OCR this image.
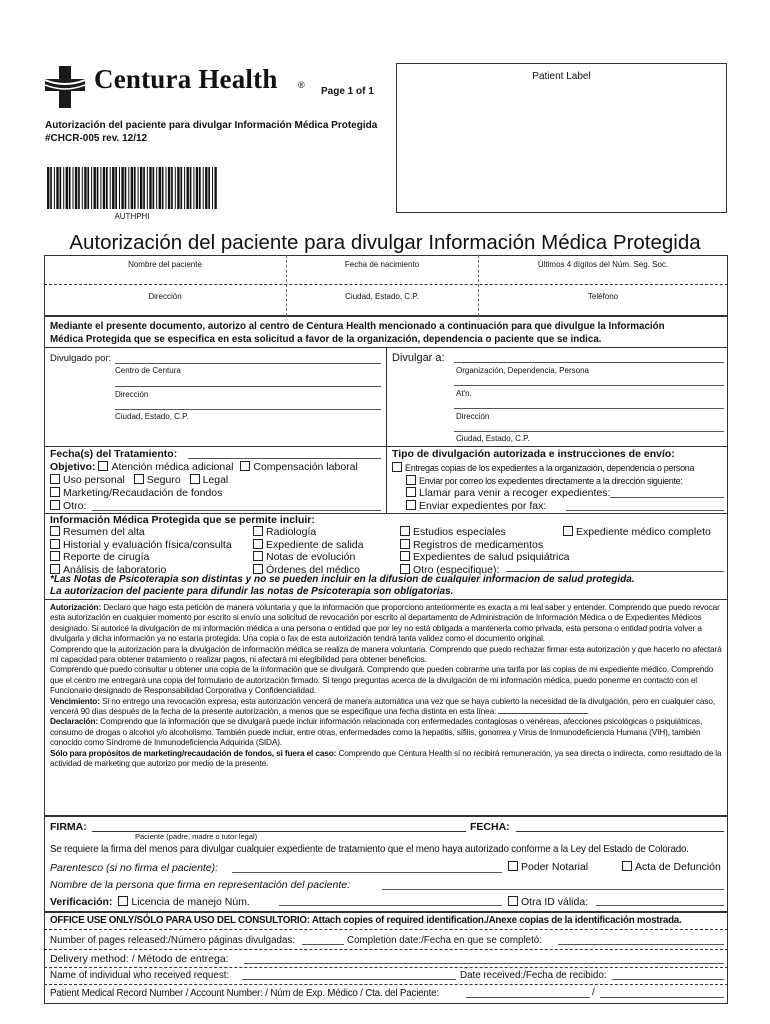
Centura Health ®
Page 1 of 1
Autorización del paciente para divulgar Información Médica Protegida
#CHCR-005 rev. 12/12
Patient Label
AUTHPHI
Autorización del paciente para divulgar Información Médica Protegida
Nombre del paciente	Fecha de nacimiento	Últimos 4 dígitos del Núm. Seg. Soc.
Dirección	Ciudad, Estado, C.P.	Teléfono
Mediante el presente documento, autorizo al centro de Centura Health mencionado a continuación para que divulgue la Información
Médica Protegida que se especifica en esta solicitud a favor de la organización, dependencia o paciente que se indica.
Divulgado por:
Centro de Centura
Dirección
Ciudad, Estado, C.P.
Divulgar a:
Organización, Dependencia, Persona
At'n.
Dirección
Ciudad, Estado, C.P.
Fecha(s) del Tratamiento:
Objetivo: Atención médica adicional Compensación laboral
Uso personal Seguro Legal
Marketing/Recaudación de fondos
Otro:
Tipo de divulgación autorizada e instrucciones de envío:
Entregas copias de los expedientes a la organización, dependencia o persona
Enviar por correo los expedientes directamente a la dirección siguiente:
Llamar para venir a recoger expedientes:
Enviar expedientes por fax:
Información Médica Protegida que se permite incluir:
Resumen del alta
Historial y evaluación física/consulta
Reporte de cirugía
Análisis de laboratorio
Radiología
Expediente de salida
Notas de evolución
Órdenes del médico
Estudios especiales
Registros de medicamentos
Expedientes de salud psiquiátrica
Otro (especifique):
Expediente médico completo
*Las Notas de Psicoterapia son distintas y no se pueden incluir en la difusion de cualquier informacion de salud protegida.
La autorizacion del paciente para difundir las notas de Psicoterapia son obligatorias.
Autorización: Declaro que hago esta petición de manera voluntaria y que la información que proporciono anteriormente es exacta a mi leal saber y entender. Comprendo que puedo revocar esta autorización en cualquier momento por escrito si envío una solicitud de revocación por escrito al departamento de Administración de Información Médica o de Expedientes Médicos designado. Si autoricé la divulgación de mi información médica a una persona o entidad que por ley no está obligada a mantenerla como privada, esta persona o entidad podría volver a divulgarla y dicha información ya no estaría protegida. Una copia o fax de esta autorización tendrá tanta validez como el documento original.
Comprendo que la autorización para la divulgación de información médica se realiza de manera voluntaria. Comprendo que puedo rechazar firmar esta autorización y que hacerlo no afectará mi capacidad para obtener tratamiento o realizar pagos, ni afectará mi elegibilidad para obtener beneficios.
Comprendo que puedo consultar u obtener una copia de la información que se divulgará. Comprendo que pueden cobrarme una tarifa por las copias de mi expediente médico. Comprendo que el centro me entregará una copia del formulario de autorización firmado. Si tengo preguntas acerca de la divulgación de mi información médica, puedo ponerme en contacto con el Funcionario designado de Responsabilidad Corporativa y Confidencialidad.
Vencimiento: Si no entrego una revocación expresa, esta autorización vencerá de manera automática una vez que se haya cubierto la necesidad de la divulgación, pero en cualquier caso, vencerá 90 días después de la fecha de la presente autorización, a menos que se especifique una fecha distinta en esta línea:
Declaración: Comprendo que la información que se divulgará puede incluir información relacionada con enfermedades contagiosas o venéreas, afecciones psicológicas o psiquiátricas, consumo de drogas o alcohol y/o alcoholismo. También puede incluir, entre otras, enfermedades como la hepatitis, sífilis, gonorrea y Virus de Inmunodeficiencia Humana (VIH), también conocido como Síndrome de Inmunodeficiencia Adquirida (SIDA).
Sólo para propósitos de marketing/recaudación de fondos, si fuera el caso: Comprendo que Centura Health sí no recibirá remuneración, ya sea directa o indirecta, como resultado de la actividad de marketing que autorizo por medio de la presente.
FIRMA:
Paciente (padre, madre o tutor legal)
FECHA:
Se requiere la firma del menos para divulgar cualquier expediente de tratamiento que el meno haya autorizado conforme a la Ley del Estado de Colorado.
Parentesco (si no firma el paciente):	Poder Notarial	Acta de Defunción
Nombre de la persona que firma en representación del paciente:
Verificación: Licencia de manejo Núm.	Otra ID válida:
OFFICE USE ONLY/SÓLO PARA USO DEL CONSULTORIO: Attach copies of required identification./Anexe copias de la identificación mostrada.
Number of pages released:/Número páginas divulgadas:	Completion date:/Fecha en que se completó:
Delivery method: / Método de entrega:
Name of individual who received request:	Date received:/Fecha de recibido:
Patient Medical Record Number / Account Number: / Núm de Exp. Médico / Cta. del Paciente:	/
